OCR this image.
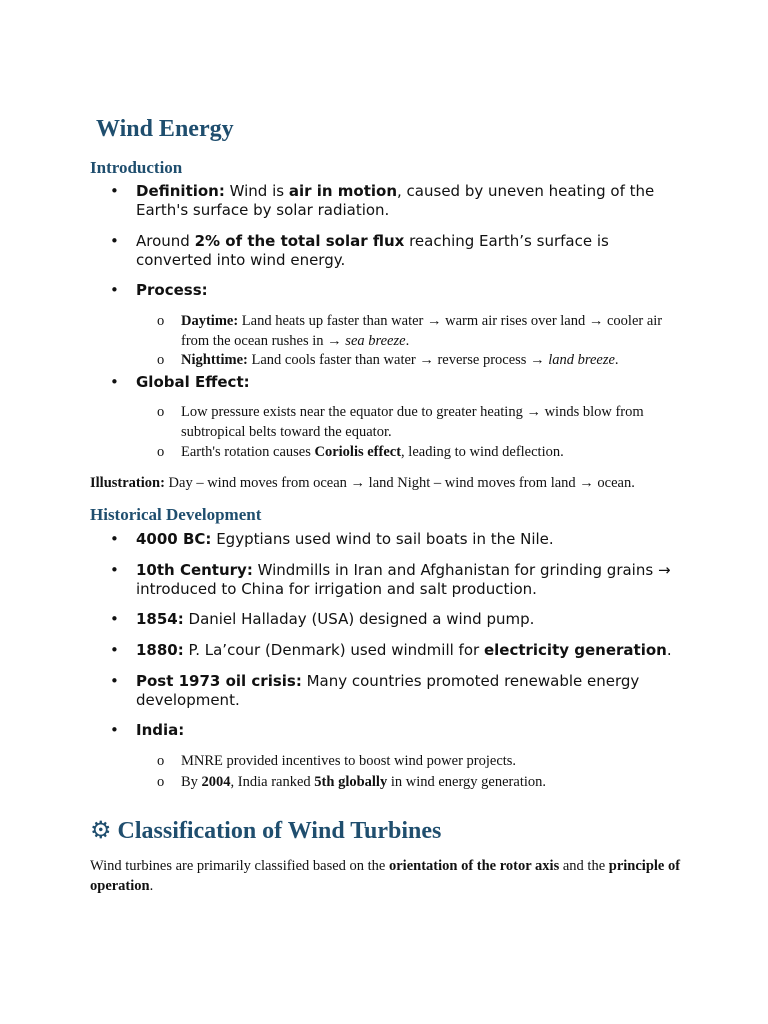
Wind Energy
Introduction
•	Definition: Wind is air in motion, caused by uneven heating of the Earth's surface by solar radiation.
•	Around 2% of the total solar flux reaching Earth’s surface is converted into wind energy.
•	Process:
o Daytime: Land heats up faster than water → warm air rises over land → cooler air from the ocean rushes in → sea breeze.
o Nighttime: Land cools faster than water → reverse process → land breeze.
•	Global Effect:
o Low pressure exists near the equator due to greater heating → winds blow from subtropical belts toward the equator.
o Earth's rotation causes Coriolis effect, leading to wind deflection.
Illustration: Day – wind moves from ocean → land Night – wind moves from land → ocean.
Historical Development
•	4000 BC: Egyptians used wind to sail boats in the Nile.
•	10th Century: Windmills in Iran and Afghanistan for grinding grains → introduced to China for irrigation and salt production.
•	1854: Daniel Halladay (USA) designed a wind pump.
•	1880: P. La’cour (Denmark) used windmill for electricity generation.
•	Post 1973 oil crisis: Many countries promoted renewable energy development.
•	India:
o MNRE provided incentives to boost wind power projects.
o By 2004, India ranked 5th globally in wind energy generation.
⚙ Classification of Wind Turbines
Wind turbines are primarily classified based on the orientation of the rotor axis and the principle of operation.
